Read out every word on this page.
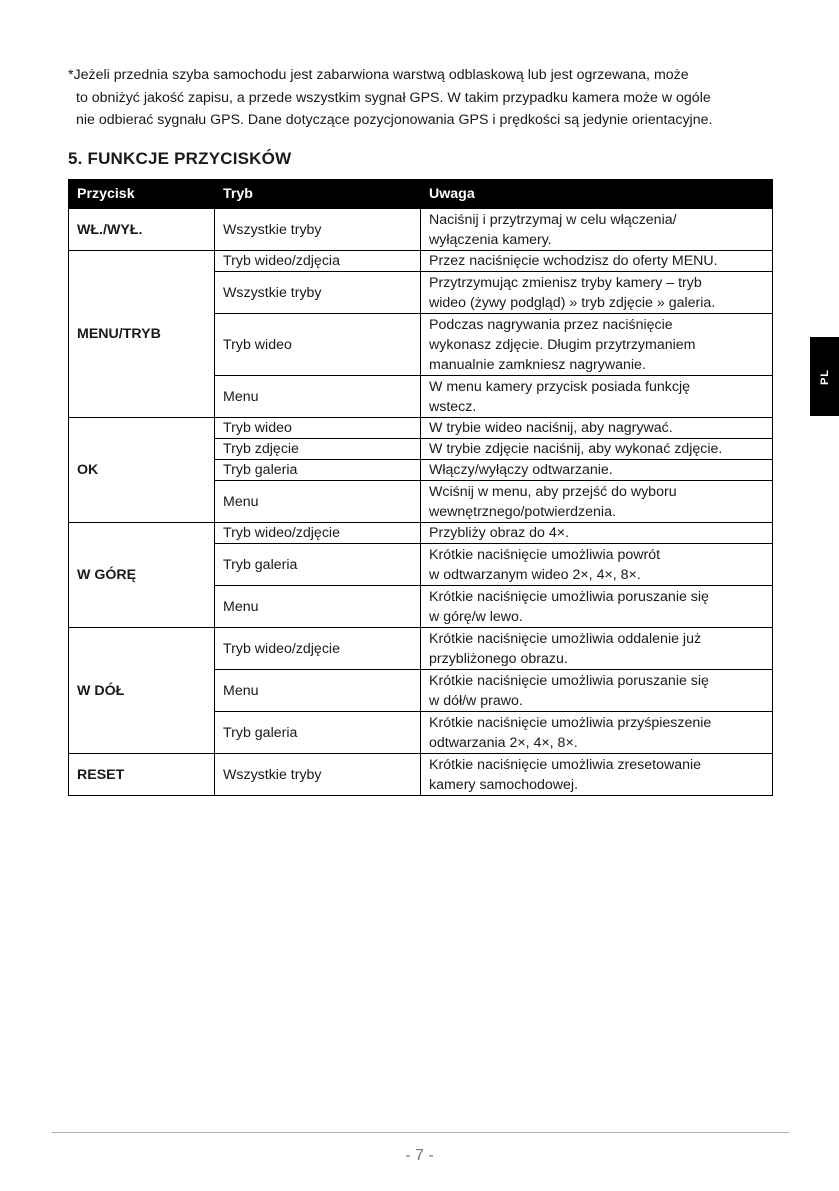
*Jeżeli przednia szyba samochodu jest zabarwiona warstwą odblaskową lub jest ogrzewana, może
to obniżyć jakość zapisu, a przede wszystkim sygnał GPS. W takim przypadku kamera może w ogóle
nie odbierać sygnału GPS. Dane dotyczące pozycjonowania GPS i prędkości są jedynie orientacyjne.
5. FUNKCJE PRZYCISKÓW
Przycisk	Tryb	Uwaga
WŁ./WYŁ.	Wszystkie tryby	Naciśnij i przytrzymaj w celu włączenia/
wyłączenia kamery.

MENU/TRYB	Tryb wideo/zdjęcia	Przez naciśnięcie wchodzisz do oferty MENU.

	Wszystkie tryby	Przytrzymując zmienisz tryby kamery – tryb
wideo (żywy podgląd) » tryb zdjęcie » galeria.

	Tryb wideo	Podczas nagrywania przez naciśnięcie
wykonasz zdjęcie. Długim przytrzymaniem
manualnie zamkniesz nagrywanie.

	Menu	W menu kamery przycisk posiada funkcję
wstecz.

OK	Tryb wideo	W trybie wideo naciśnij, aby nagrywać.

	Tryb zdjęcie	W trybie zdjęcie naciśnij, aby wykonać zdjęcie.

	Tryb galeria	Włączy/wyłączy odtwarzanie.

	Menu	Wciśnij w menu, aby przejść do wyboru
wewnętrznego/potwierdzenia.

W GÓRĘ	Tryb wideo/zdjęcie	Przybliży obraz do 4×.

	Tryb galeria	Krótkie naciśnięcie umożliwia powrót
w odtwarzanym wideo 2×, 4×, 8×.

	Menu	Krótkie naciśnięcie umożliwia poruszanie się
w górę/w lewo.

W DÓŁ	Tryb wideo/zdjęcie	Krótkie naciśnięcie umożliwia oddalenie już
przybliżonego obrazu.

	Menu	Krótkie naciśnięcie umożliwia poruszanie się
w dół/w prawo.

	Tryb galeria	Krótkie naciśnięcie umożliwia przyśpieszenie
odtwarzania 2×, 4×, 8×.

RESET	Wszystkie tryby	Krótkie naciśnięcie umożliwia zresetowanie
kamery samochodowej.
PL
- 7 -
